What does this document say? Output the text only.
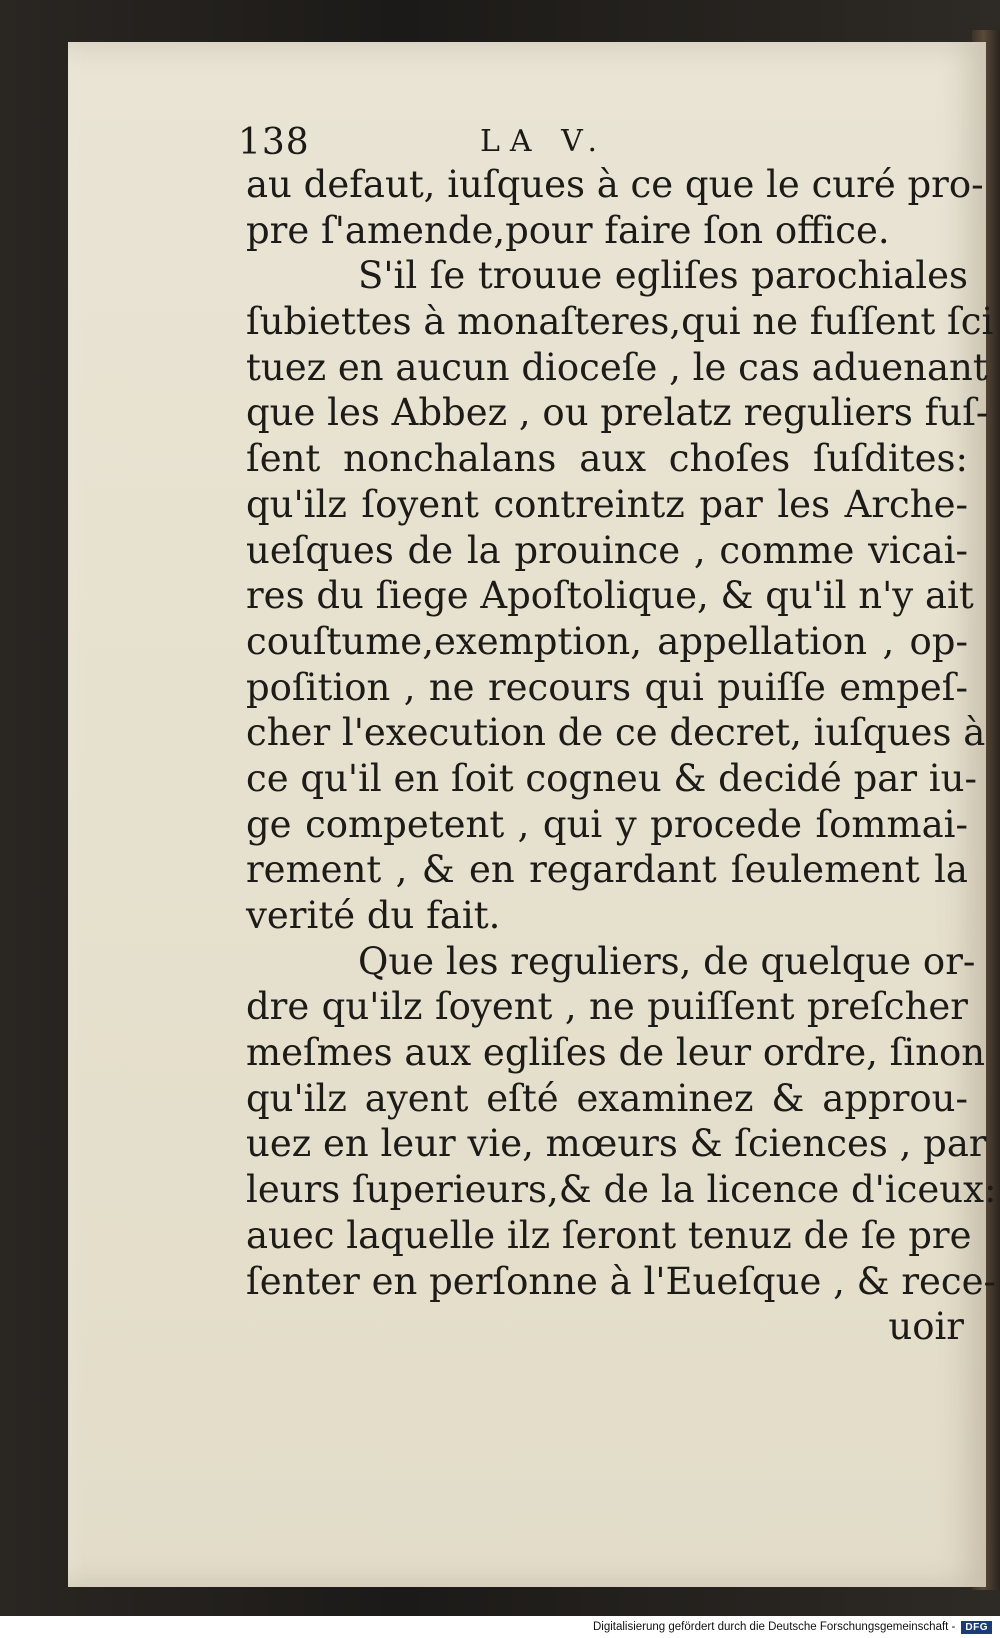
138	LA V.
au defaut, iuſques à ce que le curé pro-
pre ſ'amende,pour faire ſon office.
S'il ſe trouue egliſes parochiales
ſubiettes à monaſteres,qui ne fuſſent ſci
tuez en aucun dioceſe , le cas aduenant
que les Abbez , ou prelatz reguliers fuſ-
ſent nonchalans aux choſes ſuſdites:
qu'ilz ſoyent contreintz par les Arche-
ueſques de la prouince , comme vicai-
res du ſiege Apoſtolique, & qu'il n'y ait
couſtume,exemption, appellation , op-
poſition , ne recours qui puiſſe empeſ-
cher l'execution de ce decret, iuſques à
ce qu'il en ſoit cogneu & decidé par iu-
ge competent , qui y procede ſommai-
rement , & en regardant ſeulement la
verité du fait.
Que les reguliers, de quelque or-
dre qu'ilz ſoyent , ne puiſſent preſcher
meſmes aux egliſes de leur ordre, ſinon
qu'ilz ayent eſté examinez & approu-
uez en leur vie, mœurs & ſciences , par
leurs ſuperieurs,& de la licence d'iceux:
auec laquelle ilz ſeront tenuz de ſe pre
ſenter en perſonne à l'Eueſque , & rece-
uoir
Digitalisierung gefördert durch die Deutsche Forschungsgemeinschaft -	DFG
